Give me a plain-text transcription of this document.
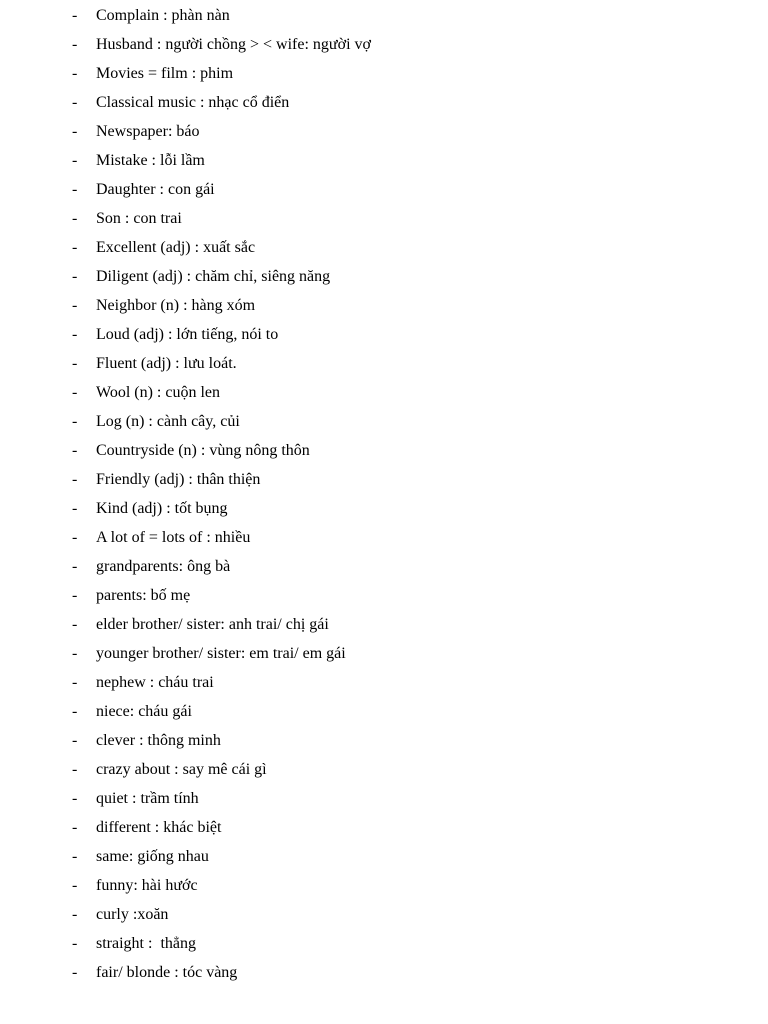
- Complain : phàn nàn
- Husband : người chồng > < wife: người vợ
- Movies = film : phim
- Classical music : nhạc cổ điển
- Newspaper: báo
- Mistake : lỗi lầm
- Daughter : con gái
- Son : con trai
- Excellent (adj) : xuất sắc
- Diligent (adj) : chăm chỉ, siêng năng
- Neighbor (n) : hàng xóm
- Loud (adj) : lớn tiếng, nói to
- Fluent (adj) : lưu loát.
- Wool (n) : cuộn len
- Log (n) : cành cây, củi
- Countryside (n) : vùng nông thôn
- Friendly (adj) : thân thiện
- Kind (adj) : tốt bụng
- A lot of = lots of : nhiều
- grandparents: ông bà
- parents: bố mẹ
- elder brother/ sister: anh trai/ chị gái
- younger brother/ sister: em trai/ em gái
- nephew : cháu trai
- niece: cháu gái
- clever : thông minh
- crazy about : say mê cái gì
- quiet : trầm tính
- different : khác biệt
- same: giống nhau
- funny: hài hước
- curly :xoăn
- straight :  thẳng
- fair/ blonde : tóc vàng
